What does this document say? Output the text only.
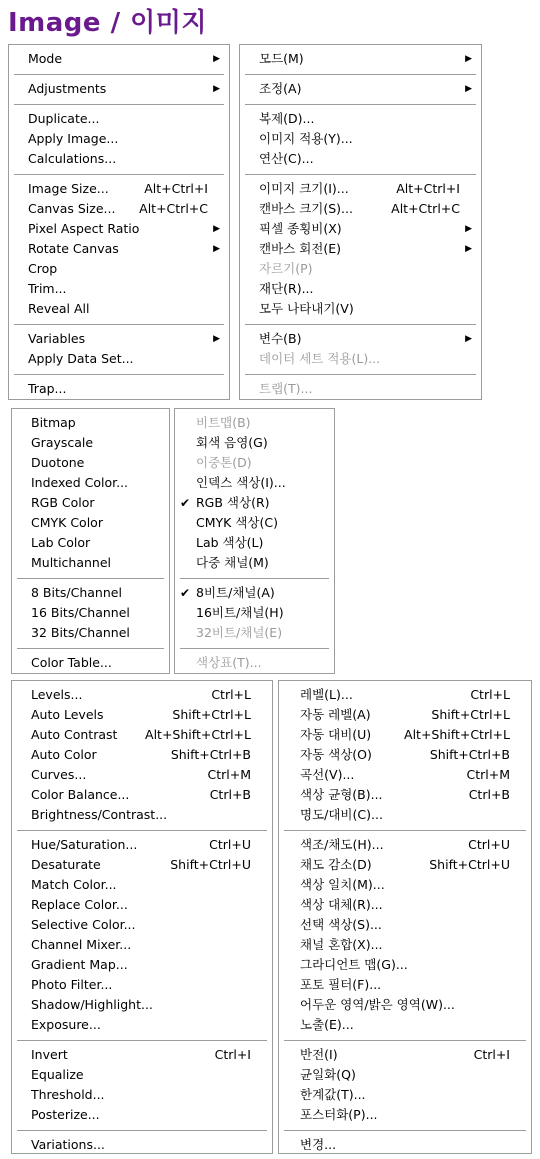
Image / 이미지
Mode	▶
Adjustments	▶
Duplicate...
Apply Image...
Calculations...
Image Size...	Alt+Ctrl+I
Canvas Size... Alt+Ctrl+C
Pixel Aspect Ratio	▶
Rotate Canvas	▶
Crop
Trim...
Reveal All
Variables	▶
Apply Data Set...
Trap...
모드(M)	▶
조정(A)	▶
복제(D)...
이미지 적용(Y)...
연산(C)...
이미지 크기(I)...	Alt+Ctrl+I
캔바스 크기(S)...	Alt+Ctrl+C
픽셀 종횡비(X)	▶
캔바스 회전(E)	▶
자르기(P)
재단(R)...
모두 나타내기(V)
변수(B)	▶
데이터 세트 적용(L)...
트랩(T)...
Bitmap
Grayscale
Duotone
Indexed Color...
RGB Color
CMYK Color
Lab Color
Multichannel
8 Bits/Channel
16 Bits/Channel
32 Bits/Channel
Color Table...
비트맵(B)
회색 음영(G)
이중톤(D)
인덱스 색상(I)...
✔ RGB 색상(R)
CMYK 색상(C)
Lab 색상(L)
다중 채널(M)
✔ 8비트/채널(A)
16비트/채널(H)
32비트/채널(E)
색상표(T)...
Levels...	Ctrl+L
Auto Levels	Shift+Ctrl+L
Auto Contrast Alt+Shift+Ctrl+L
Auto Color	Shift+Ctrl+B
Curves...	Ctrl+M
Color Balance...	Ctrl+B
Brightness/Contrast...
Hue/Saturation...	Ctrl+U
Desaturate	Shift+Ctrl+U
Match Color...
Replace Color...
Selective Color...
Channel Mixer...
Gradient Map...
Photo Filter...
Shadow/Highlight...
Exposure...
Invert	Ctrl+I
Equalize
Threshold...
Posterize...
Variations...
레벨(L)...	Ctrl+L
자동 레벨(A)	Shift+Ctrl+L
자동 대비(U)	Alt+Shift+Ctrl+L
자동 색상(O)	Shift+Ctrl+B
곡선(V)...	Ctrl+M
색상 균형(B)...	Ctrl+B
명도/대비(C)...
색조/채도(H)...	Ctrl+U
채도 감소(D)	Shift+Ctrl+U
색상 일치(M)...
색상 대체(R)...
선택 색상(S)...
채널 혼합(X)...
그라디언트 맵(G)...
포토 필터(F)...
어두운 영역/밝은 영역(W)...
노출(E)...
반전(I)	Ctrl+I
균일화(Q)
한계값(T)...
포스터화(P)...
변경...
